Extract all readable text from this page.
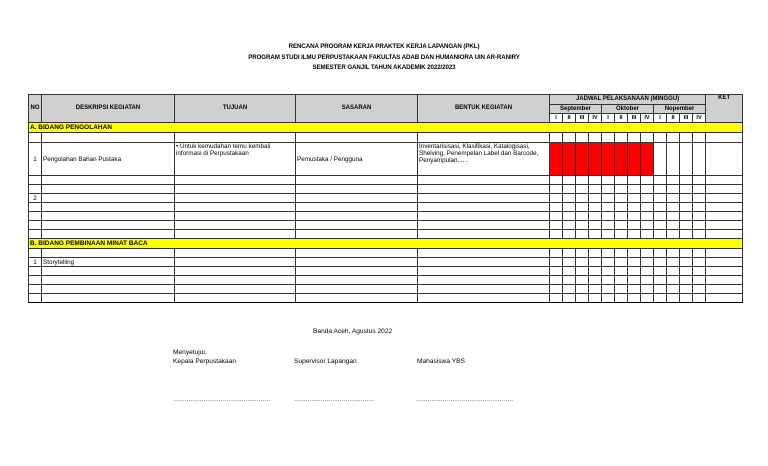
RENCANA PROGRAM KERJA PRAKTEK KERJA LAPANGAN (PKL)
PROGRAM STUDI ILMU PERPUSTAKAAN FAKULTAS ADAB DAN HUMANIORA UIN AR-RANIRY
SEMESTER GANJIL TAHUN AKADEMIK 2022/2023
NO	DESKRIPSI KEGIATAN	TUJUAN	SASARAN	BENTUK KEGIATAN	JADWAL PELAKSANAAN (MINGGU)												KET
					September				Oktober				Nopember				
					I	II	III	IV	I	II	III	IV	I	II	III	IV	
A. BIDANG PENGOLAHAN																	

1	Pengolahan Bahan Pustaka	• Untuk kemudahan temu kembali informasi di Perpustakaan	Pemustaka / Pengguna	Inventarisisasi, Klasifikasi, Katalogisasi, Shelving, Penempelan Label dan Barcode, Penyampulan......													

2																	

B. BIDANG PEMBINAAN MINAT BACA																	

1	Storytelling																

Banda Aceh, Agustus 2022
Menyetujui,
Kepala Perpustakaan	Supervisor Lapangan	Mahasiswa YBS
……………………………………………	……………………………………	……………………………………………
